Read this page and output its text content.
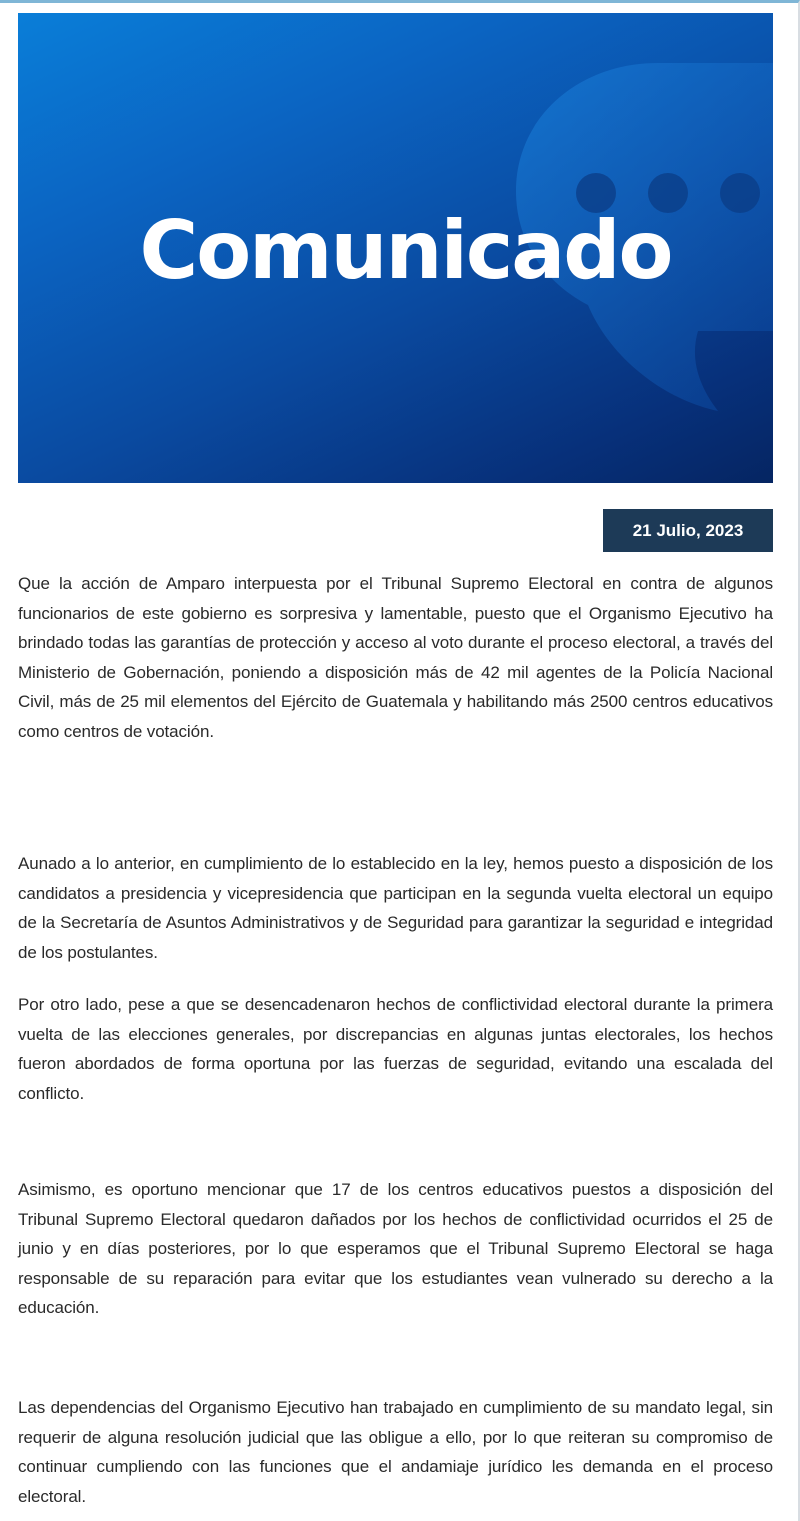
Comunicado
21 Julio, 2023

Que la acción de Amparo interpuesta por el Tribunal Supremo Electoral en contra de algunos funcionarios de este gobierno es sorpresiva y lamentable, puesto que el Organismo Ejecutivo ha brindado todas las garantías de protección y acceso al voto durante el proceso electoral, a través del Ministerio de Gobernación, poniendo a disposición más de 42 mil agentes de la Policía Nacional Civil, más de 25 mil elementos del Ejército de Guatemala y habilitando más 2500 centros educativos como centros de votación.

Aunado a lo anterior, en cumplimiento de lo establecido en la ley, hemos puesto a disposición de los candidatos a presidencia y vicepresidencia que participan en la segunda vuelta electoral un equipo de la Secretaría de Asuntos Administrativos y de Seguridad para garantizar la seguridad e integridad de los postulantes.

Por otro lado, pese a que se desencadenaron hechos de conflictividad electoral durante la primera vuelta de las elecciones generales, por discrepancias en algunas juntas electorales, los hechos fueron abordados de forma oportuna por las fuerzas de seguridad, evitando una escalada del conflicto.

Asimismo, es oportuno mencionar que 17 de los centros educativos puestos a disposición del Tribunal Supremo Electoral quedaron dañados por los hechos de conflictividad ocurridos el 25 de junio y en días posteriores, por lo que esperamos que el Tribunal Supremo Electoral se haga responsable de su reparación para evitar que los estudiantes vean vulnerado su derecho a la educación.

Las dependencias del Organismo Ejecutivo han trabajado en cumplimiento de su mandato legal, sin requerir de alguna resolución judicial que las obligue a ello, por lo que reiteran su compromiso de continuar cumpliendo con las funciones que el andamiaje jurídico les demanda en el proceso electoral.
